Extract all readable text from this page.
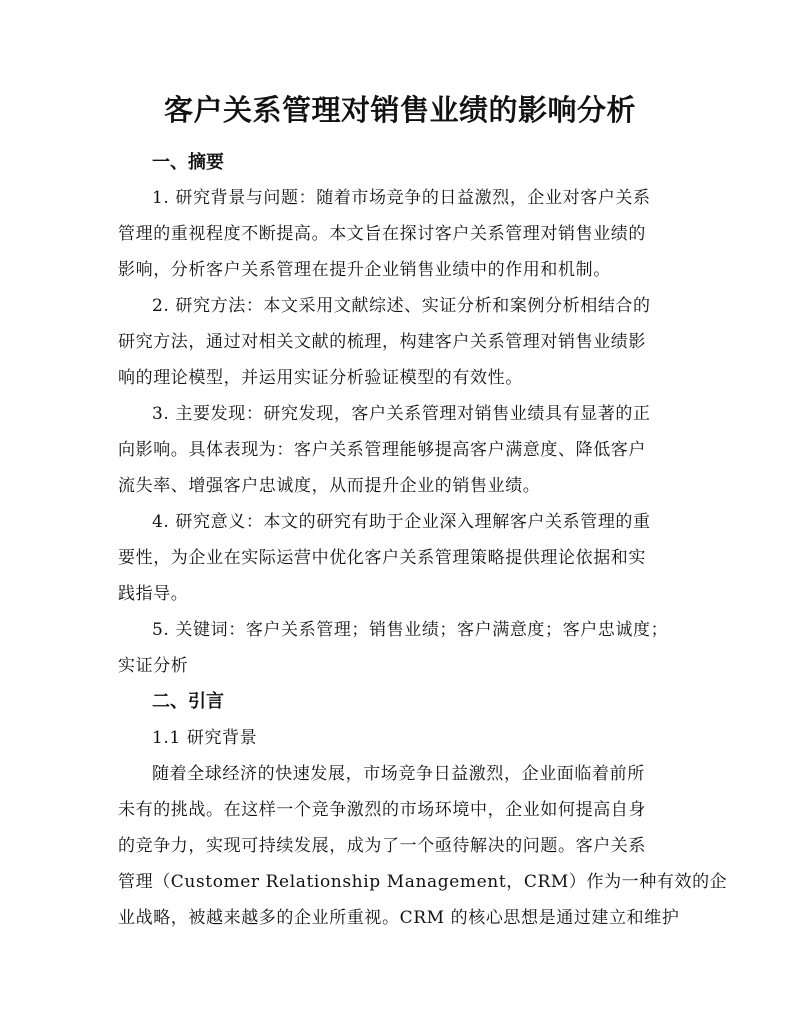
客户关系管理对销售业绩的影响分析
一、摘要
1. 研究背景与问题：随着市场竞争的日益激烈，企业对客户关系
管理的重视程度不断提高。本文旨在探讨客户关系管理对销售业绩的
影响，分析客户关系管理在提升企业销售业绩中的作用和机制。
2. 研究方法：本文采用文献综述、实证分析和案例分析相结合的
研究方法，通过对相关文献的梳理，构建客户关系管理对销售业绩影
响的理论模型，并运用实证分析验证模型的有效性。
3. 主要发现：研究发现，客户关系管理对销售业绩具有显著的正
向影响。具体表现为：客户关系管理能够提高客户满意度、降低客户
流失率、增强客户忠诚度，从而提升企业的销售业绩。
4. 研究意义：本文的研究有助于企业深入理解客户关系管理的重
要性，为企业在实际运营中优化客户关系管理策略提供理论依据和实
践指导。
5. 关键词：客户关系管理；销售业绩；客户满意度；客户忠诚度；
实证分析
二、引言
1.1 研究背景
随着全球经济的快速发展，市场竞争日益激烈，企业面临着前所
未有的挑战。在这样一个竞争激烈的市场环境中，企业如何提高自身
的竞争力，实现可持续发展，成为了一个亟待解决的问题。客户关系
管理（Customer Relationship Management，CRM）作为一种有效的企
业战略，被越来越多的企业所重视。CRM 的核心思想是通过建立和维护
